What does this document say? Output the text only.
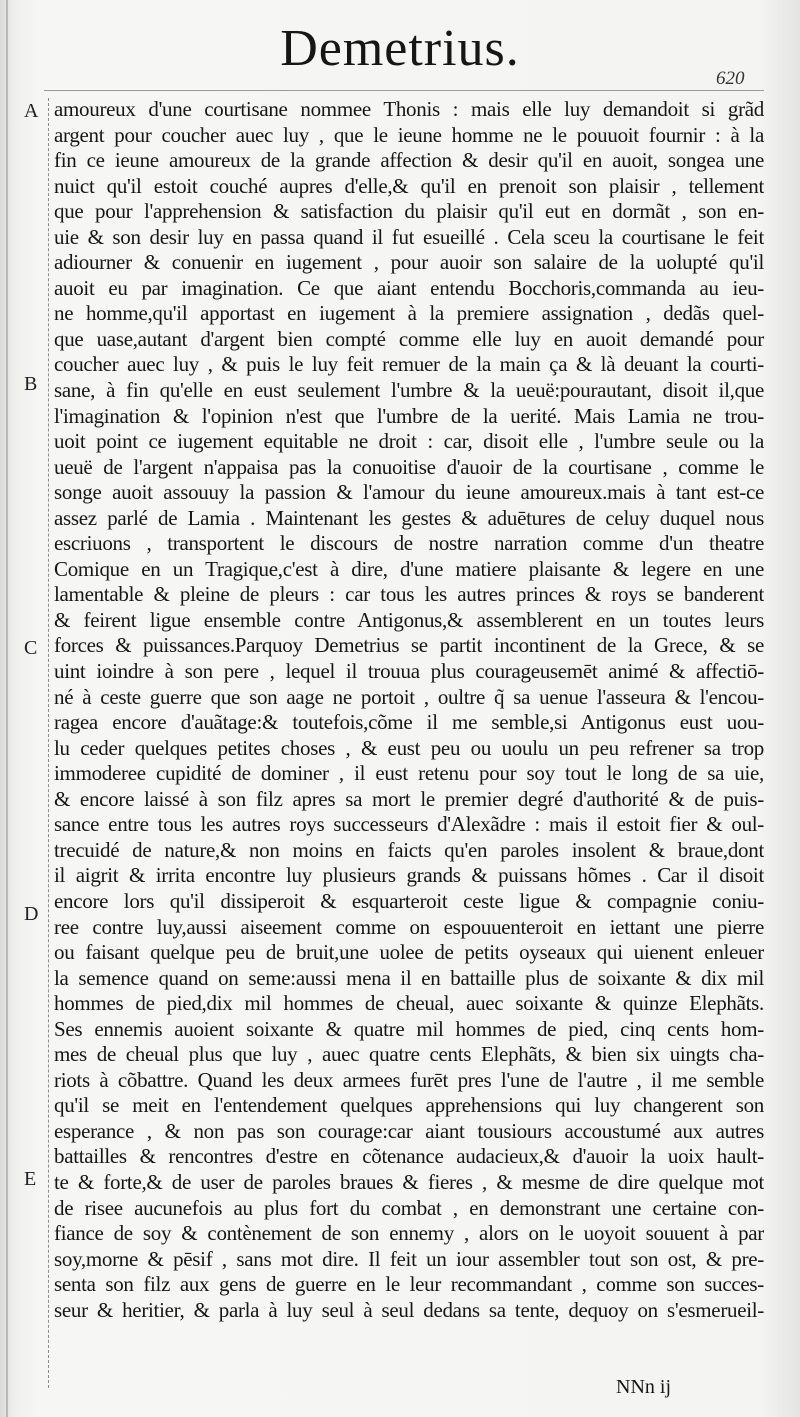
Demetrius.
620
A
B
C
D
E
amoureux d'une courtisane nommee Thonis : mais elle luy demandoit si grãd
argent pour coucher auec luy , que le ieune homme ne le pouuoit fournir : à la
fin ce ieune amoureux de la grande affection & desir qu'il en auoit, songea une
nuict qu'il estoit couché aupres d'elle,& qu'il en prenoit son plaisir , tellement
que pour l'apprehension & satisfaction du plaisir qu'il eut en dormãt , son en-
uie & son desir luy en passa quand il fut esueillé . Cela sceu la courtisane le feit
adiourner & conuenir en iugement , pour auoir son salaire de la uolupté qu'il
auoit eu par imagination. Ce que aiant entendu Bocchoris,commanda au ieu-
ne homme,qu'il apportast en iugement à la premiere assignation , dedãs quel-
que uase,autant d'argent bien compté comme elle luy en auoit demandé pour
coucher auec luy , & puis le luy feit remuer de la main ça & là deuant la courti-
sane, à fin qu'elle en eust seulement l'umbre & la ueuë:pourautant, disoit il,que
l'imagination & l'opinion n'est que l'umbre de la uerité. Mais Lamia ne trou-
uoit point ce iugement equitable ne droit : car, disoit elle , l'umbre seule ou la
ueuë de l'argent n'appaisa pas la conuoitise d'auoir de la courtisane , comme le
songe auoit assouuy la passion & l'amour du ieune amoureux.mais à tant est-ce
assez parlé de Lamia . Maintenant les gestes & aduētures de celuy duquel nous
escriuons , transportent le discours de nostre narration comme d'un theatre
Comique en un Tragique,c'est à dire, d'une matiere plaisante & legere en une
lamentable & pleine de pleurs : car tous les autres princes & roys se banderent
& feirent ligue ensemble contre Antigonus,& assemblerent en un toutes leurs
forces & puissances.Parquoy Demetrius se partit incontinent de la Grece, & se
uint ioindre à son pere , lequel il trouua plus courageusemēt animé & affectiō-
né à ceste guerre que son aage ne portoit , oultre q̃ sa uenue l'asseura & l'encou-
ragea encore d'auãtage:& toutefois,cõme il me semble,si Antigonus eust uou-
lu ceder quelques petites choses , & eust peu ou uoulu un peu refrener sa trop
immoderee cupidité de dominer , il eust retenu pour soy tout le long de sa uie,
& encore laissé à son filz apres sa mort le premier degré d'authorité & de puis-
sance entre tous les autres roys successeurs d'Alexãdre : mais il estoit fier & oul-
trecuidé de nature,& non moins en faicts qu'en paroles insolent & braue,dont
il aigrit & irrita encontre luy plusieurs grands & puissans hõmes . Car il disoit
encore lors qu'il dissiperoit & esquarteroit ceste ligue & compagnie coniu-
ree contre luy,aussi aiseement comme on espouuenteroit en iettant une pierre
ou faisant quelque peu de bruit,une uolee de petits oyseaux qui uienent enleuer
la semence quand on seme:aussi mena il en battaille plus de soixante & dix mil
hommes de pied,dix mil hommes de cheual, auec soixante & quinze Elephãts.
Ses ennemis auoient soixante & quatre mil hommes de pied, cinq cents hom-
mes de cheual plus que luy , auec quatre cents Elephãts, & bien six uingts cha-
riots à cõbattre. Quand les deux armees furēt pres l'une de l'autre , il me semble
qu'il se meit en l'entendement quelques apprehensions qui luy changerent son
esperance , & non pas son courage:car aiant tousiours accoustumé aux autres
battailles & rencontres d'estre en cõtenance audacieux,& d'auoir la uoix hault-
te & forte,& de user de paroles braues & fieres , & mesme de dire quelque mot
de risee aucunefois au plus fort du combat , en demonstrant une certaine con-
fiance de soy & contènement de son ennemy , alors on le uoyoit souuent à par
soy,morne & pēsif , sans mot dire. Il feit un iour assembler tout son ost, & pre-
senta son filz aux gens de guerre en le leur recommandant , comme son succes-
seur & heritier, & parla à luy seul à seul dedans sa tente, dequoy on s'esmerueil-
NNn ij
